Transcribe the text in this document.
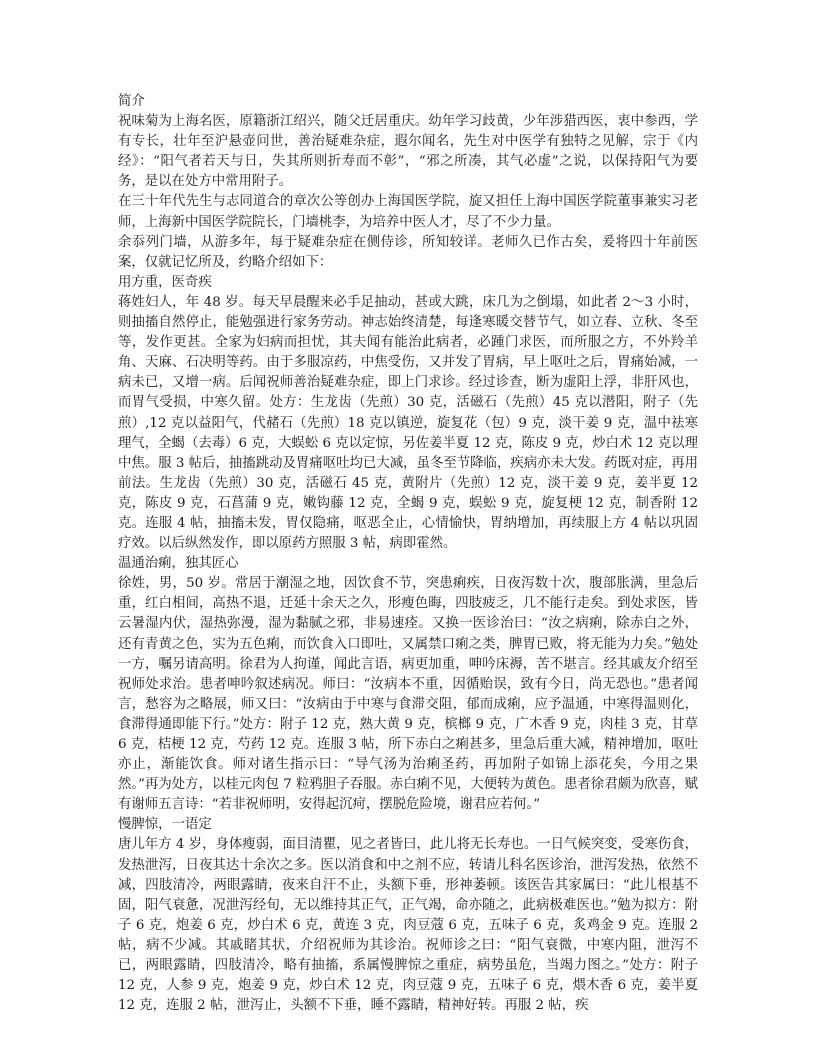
简介

祝味菊为上海名医，原籍浙江绍兴，随父迁居重庆。幼年学习歧黄，少年涉猎西医，衷中参西，学有专长，壮年至沪悬壶问世，善治疑难杂症，遐尔闻名，先生对中医学有独特之见解，宗于《内经》：“阳气者若天与日，失其所则折寿而不彰”，“邪之所凑，其气必虚”之说，以保持阳气为要务，是以在处方中常用附子。

在三十年代先生与志同道合的章次公等创办上海国医学院，旋又担任上海中国医学院董事兼实习老师，上海新中国医学院院长，门墙桃李，为培养中医人才，尽了不少力量。

余忝列门墙，从游多年，每于疑难杂症在侧侍诊，所知较详。老师久已作古矣，爰将四十年前医案，仅就记忆所及，约略介绍如下：

用方重，医奇疾

蒋姓妇人，年 48 岁。每天早晨醒来必手足抽动，甚或大跳，床几为之倒塌，如此者 2～3 小时，则抽搐自然停止，能勉强进行家务劳动。神志始终清楚，每逢寒暖交替节气，如立春、立秋、冬至等，发作更甚。全家为妇病而担忧，其夫闻有能治此病者，必踵门求医，而所服之方，不外羚羊角、天麻、石决明等药。由于多服凉药，中焦受伤，又并发了胃病，早上呕吐之后，胃痛始减，一病未已，又增一病。后闻祝师善治疑难杂症，即上门求诊。经过诊查，断为虚阳上浮，非肝风也，而胃气受损，中寒久留。处方：生龙齿（先煎）30 克，活磁石（先煎）45 克以潜阳，附子（先煎）,12 克以益阳气，代赭石（先煎）18 克以镇逆，旋复花（包）9 克，淡干姜 9 克，温中祛寒理气，全蝎（去毒）6 克，大蜈蚣 6 克以定惊，另佐姜半夏 12 克，陈皮 9 克，炒白术 12 克以理中焦。服 3 帖后，抽搐跳动及胃痛呕吐均已大减，虽冬至节降临，疾病亦未大发。药既对症，再用前法。生龙齿（先煎）30 克，活磁石 45 克，黄附片（先煎）12 克，淡干姜 9 克，姜半夏 12 克，陈皮 9 克，石菖蒲 9 克，嫩钩藤 12 克，全蝎 9 克，蜈蚣 9 克，旋复梗 12 克，制香附 12 克。连服 4 帖，抽搐未发，胃仅隐痛，呕恶全止，心情愉快，胃纳增加，再续服上方 4 帖以巩固疗效。以后纵然发作，即以原药方照服 3 帖，病即霍然。

温通治痢，独其匠心

徐姓，男，50 岁。常居于潮湿之地，因饮食不节，突患痢疾，日夜泻数十次，腹部胀满，里急后重，红白相间，高热不退，迁延十余天之久，形瘦色晦，四肢疲乏，几不能行走矣。到处求医，皆云暑湿内伏，湿热弥漫，湿为黏腻之邪，非易速痊。又换一医诊治曰：“汝之病痢，除赤白之外，还有青黄之色，实为五色痢，而饮食入口即吐，又属禁口痢之类，脾胃已败，将无能为力矣。”勉处一方，嘱另请高明。徐君为人拘谨，闻此言语，病更加重，呻吟床褥，苦不堪言。经其戚友介绍至祝师处求治。患者呻吟叙述病况。师曰：“汝病本不重，因循贻误，致有今日，尚无恐也。”患者闻言，愁容为之略展，师又曰：“汝病由于中寒与食滞交阻，郁而成痢，应予温通，中寒得温则化，食滞得通即能下行。”处方：附子 12 克，熟大黄 9 克，槟榔 9 克，广木香 9 克，肉桂 3 克，甘草 6 克，桔梗 12 克，芍药 12 克。连服 3 帖，所下赤白之痢甚多，里急后重大减，精神增加，呕吐亦止，渐能饮食。师对诸生指示曰：“导气汤为治痢圣药，再加附子如锦上添花矣，今用之果然。”再为处方，以桂元肉包 7 粒鸦胆子吞服。赤白痢不见，大便转为黄色。患者徐君颇为欣喜，赋有谢师五言诗：“若非祝师明，安得起沉疴，摆脱危险境，谢君应若何。”

慢脾惊，一语定

唐儿年方 4 岁，身体瘦弱，面目清瞿，见之者皆曰，此儿将无长寿也。一日气候突变，受寒伤食，发热泄泻，日夜其达十余次之多。医以消食和中之剂不应，转请儿科名医诊治，泄泻发热，依然不减，四肢清冷，两眼露睛，夜来自汗不止，头额下垂，形神萎顿。该医告其家属曰：“此儿根基不固，阳气衰惫，况泄泻经旬，无以维持其正气，正气竭，命亦随之，此病极难医也。”勉为拟方：附子 6 克，炮姜 6 克，炒白术 6 克，黄连 3 克，肉豆蔻 6 克，五味子 6 克，炙鸡金 9 克。连服 2 帖，病不少减。其戚睹其状，介绍祝师为其诊治。祝师诊之曰：“阳气衰微，中寒内阻，泄泻不已，两眼露睛，四肢清冷，略有抽搐，系属慢脾惊之重症，病势虽危，当竭力图之。”处方：附子 12 克，人参 9 克，炮姜 9 克，炒白术 12 克，肉豆蔻 9 克，五味子 6 克，煨木香 6 克，姜半夏 12 克，连服 2 帖，泄泻止，头额不下垂，睡不露睛，精神好转。再服 2 帖，疾
